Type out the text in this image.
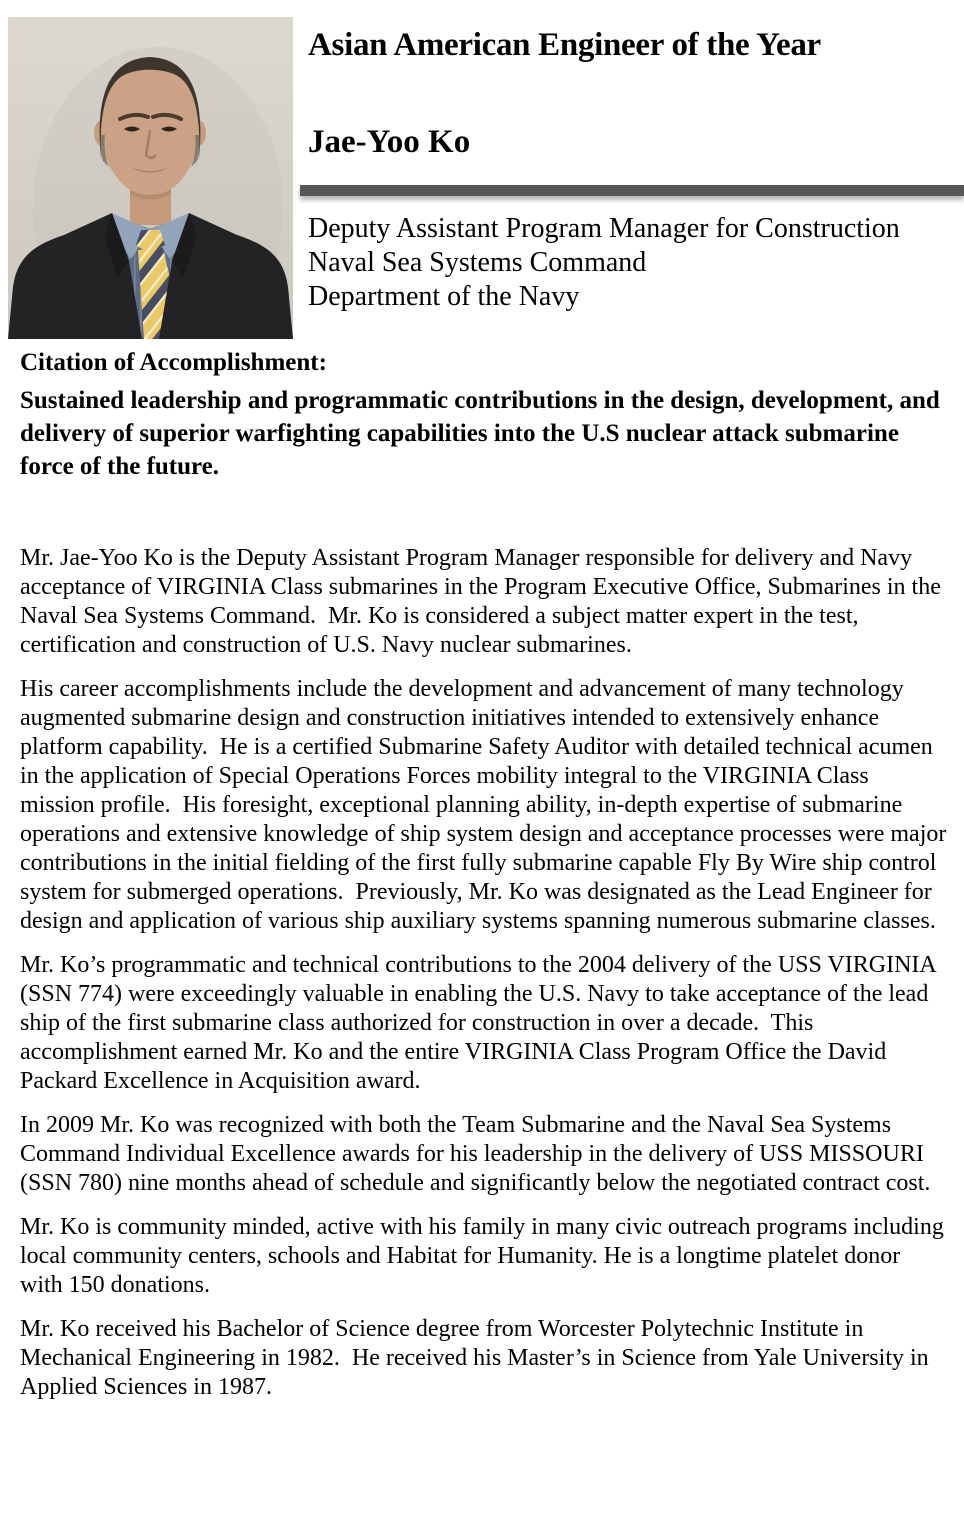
Asian American Engineer of the Year
Jae-Yoo Ko
Deputy Assistant Program Manager for Construction
Naval Sea Systems Command
Department of the Navy
Citation of Accomplishment:

Sustained leadership and programmatic contributions in the design, development, and delivery of superior warfighting capabilities into the U.S nuclear attack submarine force of the future.

Mr. Jae-Yoo Ko is the Deputy Assistant Program Manager responsible for delivery and Navy acceptance of VIRGINIA Class submarines in the Program Executive Office, Submarines in the Naval Sea Systems Command.  Mr. Ko is considered a subject matter expert in the test, certification and construction of U.S. Navy nuclear submarines.

His career accomplishments include the development and advancement of many technology augmented submarine design and construction initiatives intended to extensively enhance platform capability.  He is a certified Submarine Safety Auditor with detailed technical acumen in the application of Special Operations Forces mobility integral to the VIRGINIA Class mission profile.  His foresight, exceptional planning ability, in-depth expertise of submarine operations and extensive knowledge of ship system design and acceptance processes were major contributions in the initial fielding of the first fully submarine capable Fly By Wire ship control system for submerged operations.  Previously, Mr. Ko was designated as the Lead Engineer for design and application of various ship auxiliary systems spanning numerous submarine classes.

Mr. Ko’s programmatic and technical contributions to the 2004 delivery of the USS VIRGINIA (SSN 774) were exceedingly valuable in enabling the U.S. Navy to take acceptance of the lead ship of the first submarine class authorized for construction in over a decade.  This accomplishment earned Mr. Ko and the entire VIRGINIA Class Program Office the David Packard Excellence in Acquisition award.

In 2009 Mr. Ko was recognized with both the Team Submarine and the Naval Sea Systems Command Individual Excellence awards for his leadership in the delivery of USS MISSOURI (SSN 780) nine months ahead of schedule and significantly below the negotiated contract cost.

Mr. Ko is community minded, active with his family in many civic outreach programs including local community centers, schools and Habitat for Humanity. He is a longtime platelet donor with 150 donations.

Mr. Ko received his Bachelor of Science degree from Worcester Polytechnic Institute in Mechanical Engineering in 1982.  He received his Master’s in Science from Yale University in Applied Sciences in 1987.
